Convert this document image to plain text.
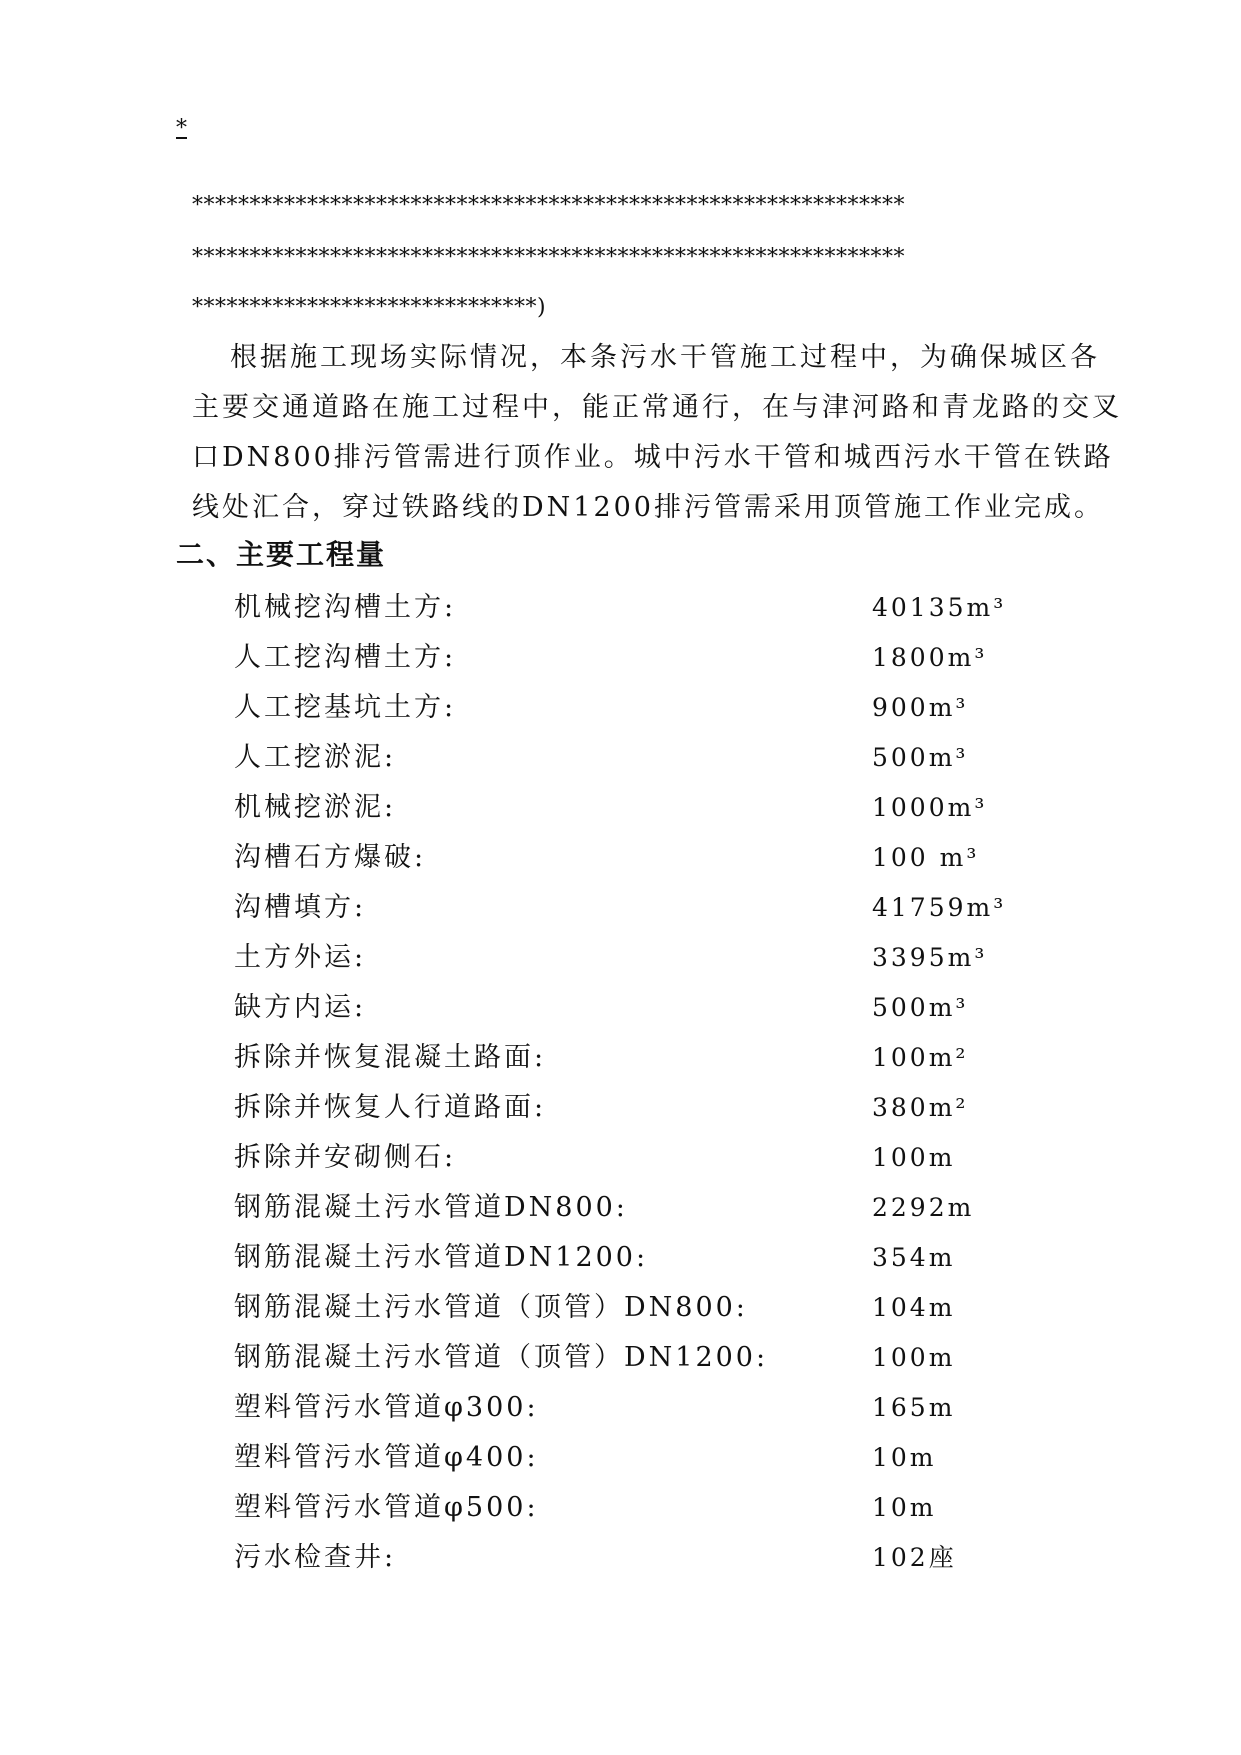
*
**************************************************************
**************************************************************
******************************)

根据施工现场实际情况，本条污水干管施工过程中，为确保城区各主要交通道路在施工过程中，能正常通行，在与津河路和青龙路的交叉口DN800排污管需进行顶作业。城中污水干管和城西污水干管在铁路线处汇合，穿过铁路线的DN1200排污管需采用顶管施工作业完成。

二、主要工程量
机械挖沟槽土方:	40135m³
人工挖沟槽土方:	1800m³
人工挖基坑土方:	900m³
人工挖淤泥:	500m³
机械挖淤泥:	1000m³
沟槽石方爆破:	100 m³
沟槽填方:	41759m³
土方外运:	3395m³
缺方内运:	500m³
拆除并恢复混凝土路面:	100m²
拆除并恢复人行道路面:	380m²
拆除并安砌侧石:	100m
钢筋混凝土污水管道DN800:	2292m
钢筋混凝土污水管道DN1200:	354m
钢筋混凝土污水管道（顶管）DN800:	104m
钢筋混凝土污水管道（顶管）DN1200:	100m
塑料管污水管道φ300:	165m
塑料管污水管道φ400:	10m
塑料管污水管道φ500:	10m
污水检查井:	102座
